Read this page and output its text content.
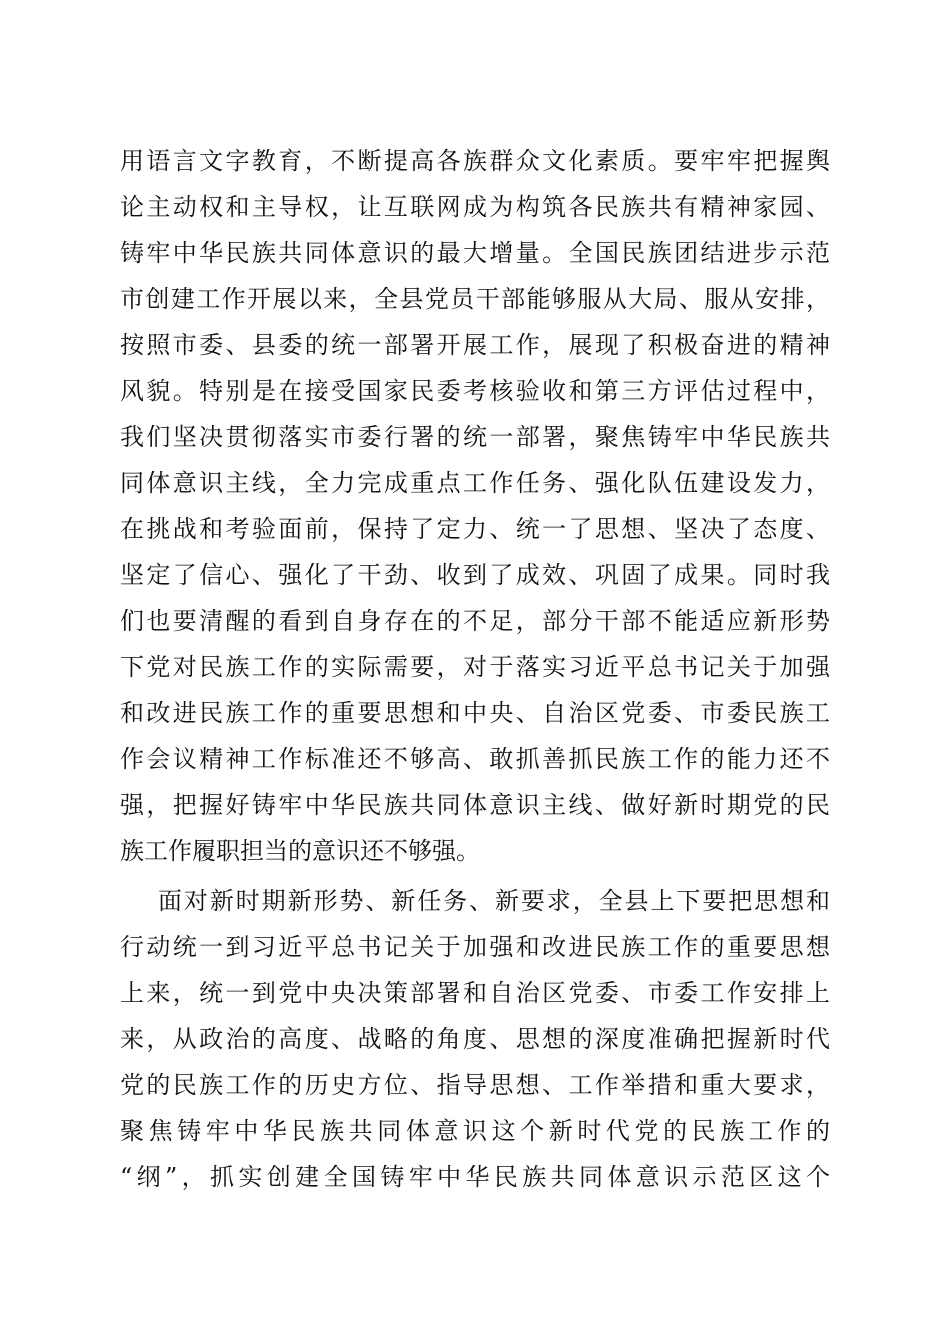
用语言文字教育，不断提高各族群众文化素质。要牢牢把握舆
论主动权和主导权，让互联网成为构筑各民族共有精神家园、
铸牢中华民族共同体意识的最大增量。全国民族团结进步示范
市创建工作开展以来，全县党员干部能够服从大局、服从安排，
按照市委、县委的统一部署开展工作，展现了积极奋进的精神
风貌。特别是在接受国家民委考核验收和第三方评估过程中，
我们坚决贯彻落实市委行署的统一部署，聚焦铸牢中华民族共
同体意识主线，全力完成重点工作任务、强化队伍建设发力，
在挑战和考验面前，保持了定力、统一了思想、坚决了态度、
坚定了信心、强化了干劲、收到了成效、巩固了成果。同时我
们也要清醒的看到自身存在的不足，部分干部不能适应新形势
下党对民族工作的实际需要，对于落实习近平总书记关于加强
和改进民族工作的重要思想和中央、自治区党委、市委民族工
作会议精神工作标准还不够高、敢抓善抓民族工作的能力还不
强，把握好铸牢中华民族共同体意识主线、做好新时期党的民
族工作履职担当的意识还不够强。
面对新时期新形势、新任务、新要求，全县上下要把思想和
行动统一到习近平总书记关于加强和改进民族工作的重要思想
上来，统一到党中央决策部署和自治区党委、市委工作安排上
来，从政治的高度、战略的角度、思想的深度准确把握新时代
党的民族工作的历史方位、指导思想、工作举措和重大要求，
聚焦铸牢中华民族共同体意识这个新时代党的民族工作的
“纲”，抓实创建全国铸牢中华民族共同体意识示范区这个
